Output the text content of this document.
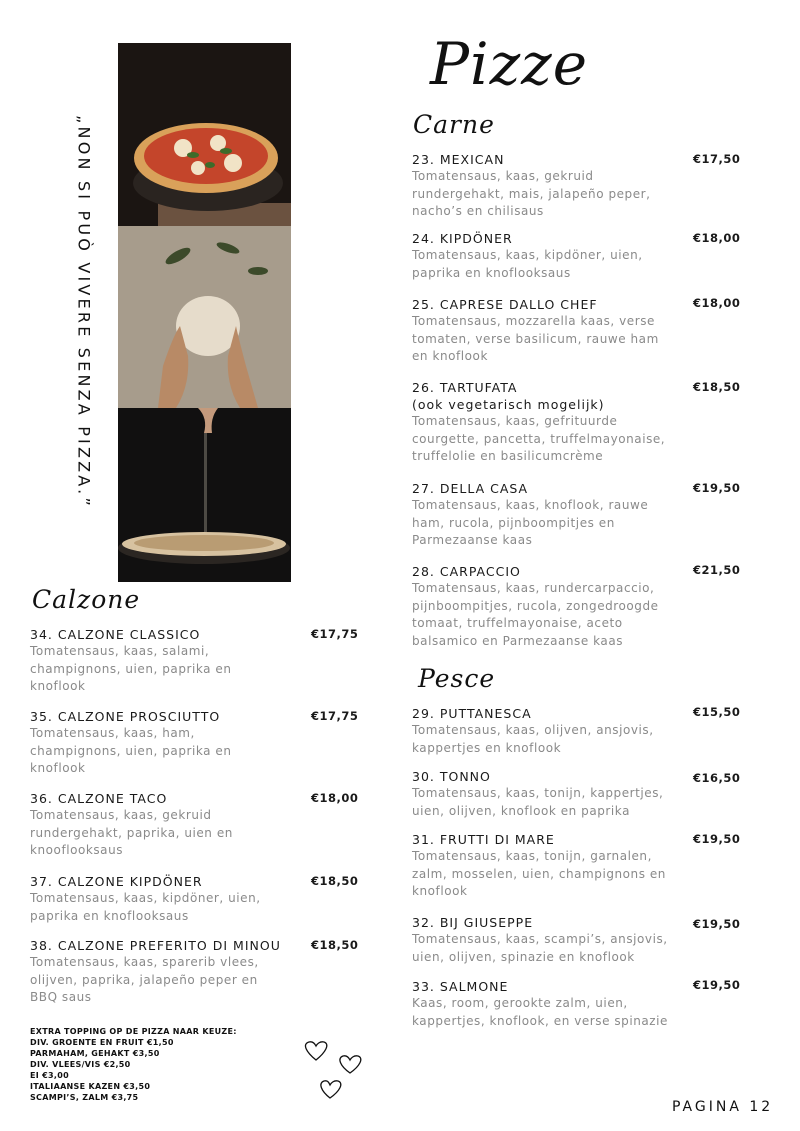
„NON SI PUÒ VIVERE SENZA PIZZA.”
Pizze
Carne
23. MEXICAN
Tomatensaus, kaas, gekruid
rundergehakt, mais, jalapeño peper,
nacho’s en chilisaus
€17,50
24. KIPDÖNER
Tomatensaus, kaas, kipdöner, uien,
paprika en knoflooksaus
€18,00
25. CAPRESE DALLO CHEF
Tomatensaus, mozzarella kaas, verse
tomaten, verse basilicum, rauwe ham
en knoflook
€18,00
26. TARTUFATA
(ook vegetarisch mogelijk)
Tomatensaus, kaas, gefrituurde
courgette, pancetta, truffelmayonaise,
truffelolie en basilicumcrème
€18,50
27. DELLA CASA
Tomatensaus, kaas, knoflook, rauwe
ham, rucola, pijnboompitjes en
Parmezaanse kaas
€19,50
28. CARPACCIO
Tomatensaus, kaas, rundercarpaccio,
pijnboompitjes, rucola, zongedroogde
tomaat, truffelmayonaise, aceto
balsamico en Parmezaanse kaas
€21,50
Pesce
29. PUTTANESCA
Tomatensaus, kaas, olijven, ansjovis,
kappertjes en knoflook
€15,50
30. TONNO
Tomatensaus, kaas, tonijn, kappertjes,
uien, olijven, knoflook en paprika
€16,50
31. FRUTTI DI MARE
Tomatensaus, kaas, tonijn, garnalen,
zalm, mosselen, uien, champignons en
knoflook
€19,50
32. BIJ GIUSEPPE
Tomatensaus, kaas, scampi’s, ansjovis,
uien, olijven, spinazie en knoflook
€19,50
33. SALMONE
Kaas, room, gerookte zalm, uien,
kappertjes, knoflook, en verse spinazie
€19,50
Calzone
34. CALZONE CLASSICO
Tomatensaus, kaas, salami,
champignons, uien, paprika en
knoflook
€17,75
35. CALZONE PROSCIUTTO
Tomatensaus, kaas, ham,
champignons, uien, paprika en
knoflook
€17,75
36. CALZONE TACO
Tomatensaus, kaas, gekruid
rundergehakt, paprika, uien en
knooflooksaus
€18,00
37. CALZONE KIPDÖNER
Tomatensaus, kaas, kipdöner, uien,
paprika en knoflooksaus
€18,50
38. CALZONE PREFERITO DI MINOU
Tomatensaus, kaas, sparerib vlees,
olijven, paprika, jalapeño peper en
BBQ saus
€18,50
EXTRA TOPPING OP DE PIZZA NAAR KEUZE:
DIV. GROENTE EN FRUIT €1,50
PARMAHAM, GEHAKT €3,50
DIV. VLEES/VIS €2,50
EI €3,00
ITALIAANSE KAZEN €3,50
SCAMPI’S, ZALM €3,75
PAGINA 12
